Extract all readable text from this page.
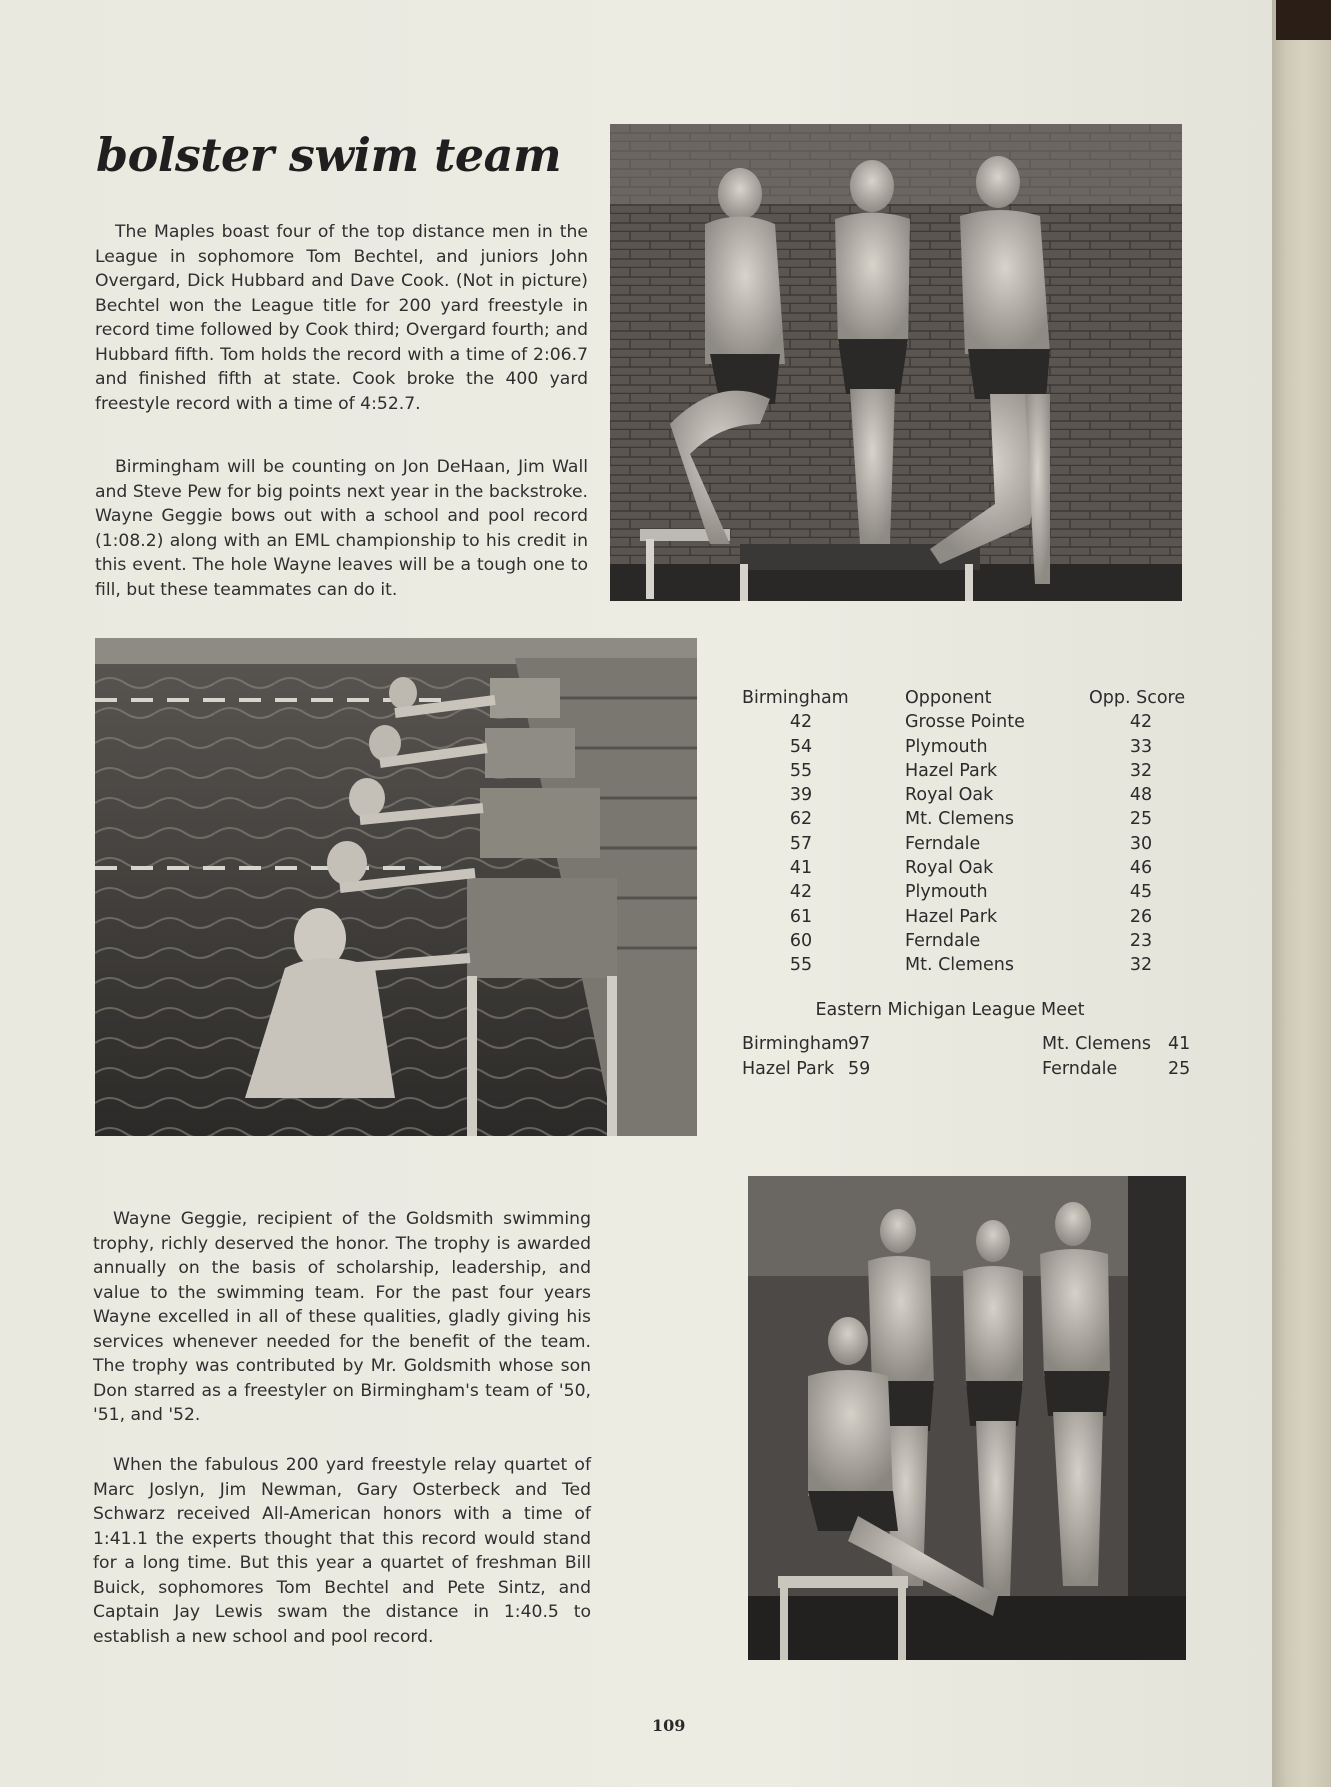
bolster swim team

The Maples boast four of the top distance men in the League in sophomore Tom Bechtel, and juniors John Overgard, Dick Hubbard and Dave Cook. (Not in picture) Bechtel won the League title for 200 yard freestyle in record time followed by Cook third; Overgard fourth; and Hubbard fifth. Tom holds the record with a time of 2:06.7 and finished fifth at state. Cook broke the 400 yard freestyle record with a time of 4:52.7.

Birmingham will be counting on Jon DeHaan, Jim Wall and Steve Pew for big points next year in the backstroke. Wayne Geggie bows out with a school and pool record (1:08.2) along with an EML championship to his credit in this event. The hole Wayne leaves will be a tough one to fill, but these teammates can do it.

Birmingham	Opponent	Opp. Score
42	Grosse Pointe	42
54	Plymouth	33
55	Hazel Park	32
39	Royal Oak	48
62	Mt. Clemens	25
57	Ferndale	30
41	Royal Oak	46
42	Plymouth	45
61	Hazel Park	26
60	Ferndale	23
55	Mt. Clemens	32
Eastern Michigan League Meet
Birmingham 97	Mt. Clemens 41
Hazel Park 59	Ferndale	25

Wayne Geggie, recipient of the Goldsmith swimming trophy, richly deserved the honor. The trophy is awarded annually on the basis of scholarship, leadership, and value to the swimming team. For the past four years Wayne excelled in all of these qualities, gladly giving his services whenever needed for the benefit of the team. The trophy was contributed by Mr. Goldsmith whose son Don starred as a freestyler on Birmingham's team of '50, '51, and '52.

When the fabulous 200 yard freestyle relay quartet of Marc Joslyn, Jim Newman, Gary Osterbeck and Ted Schwarz received All-American honors with a time of 1:41.1 the experts thought that this record would stand for a long time. But this year a quartet of freshman Bill Buick, sophomores Tom Bechtel and Pete Sintz, and Captain Jay Lewis swam the distance in 1:40.5 to establish a new school and pool record.

109
